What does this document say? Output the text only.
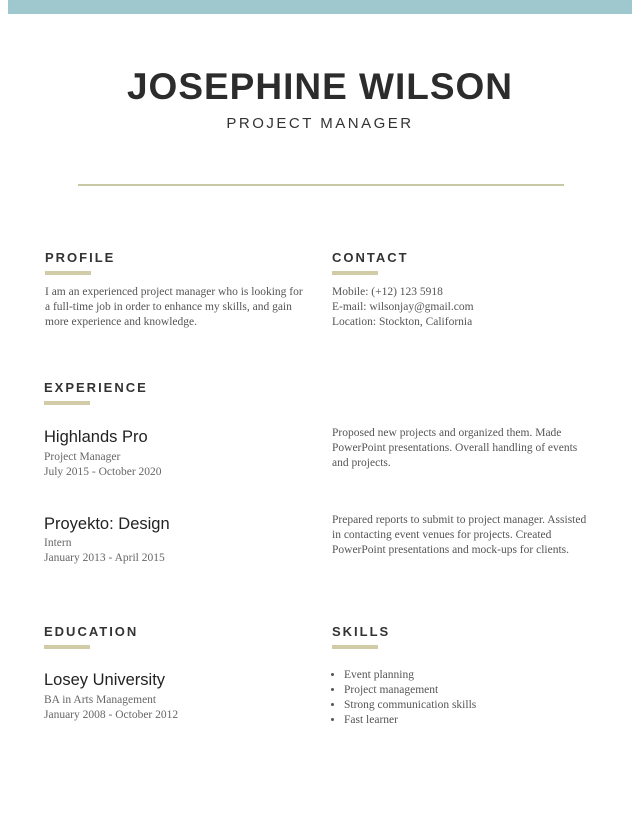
JOSEPHINE WILSON
PROJECT MANAGER
PROFILE
I am an experienced project manager who is looking for a full-time job in order to enhance my skills, and gain more experience and knowledge.
CONTACT
Mobile: (+12) 123 5918
E-mail: wilsonjay@gmail.com
Location: Stockton, California
EXPERIENCE
Highlands Pro
Project Manager
July 2015 - October 2020
Proposed new projects and organized them. Made PowerPoint presentations. Overall handling of events and projects.
Proyekto: Design
Intern
January 2013 - April 2015
Prepared reports to submit to project manager. Assisted in contacting event venues for projects. Created PowerPoint presentations and mock-ups for clients.
EDUCATION
Losey University
BA in Arts Management
January 2008 - October 2012
SKILLS
• Event planning
• Project management
• Strong communication skills
• Fast learner
